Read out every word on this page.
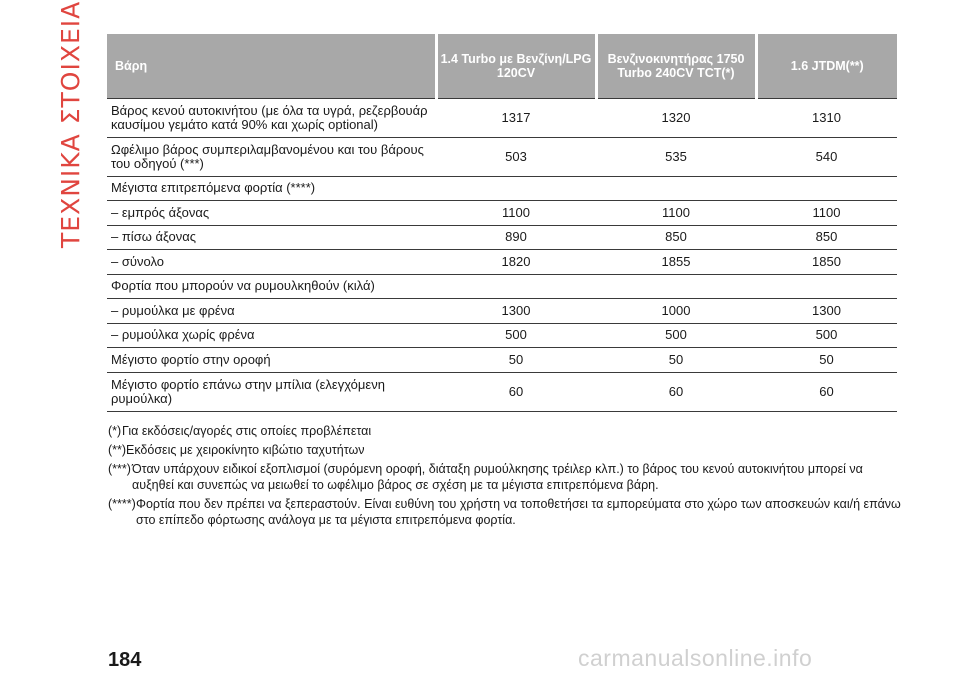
ΤΕΧΝΙΚΑ ΣΤΟΙΧΕΙΑ Βάρη	1.4 Turbo με Βενζίνη/LPG 120CV	Βενζινοκινητήρας 1750 Turbo 240CV TCT(*)	1.6 JTDM(**)
Βάρος κενού αυτοκινήτου (με όλα τα υγρά, ρεζερβουάρ καυσίμου γεμάτο κατά 90% και χωρίς optional)	1317	1320	1310
Ωφέλιμο βάρος συμπεριλαμβανομένου και του βάρους του οδηγού (***)	503	535	540
Μέγιστα επιτρεπόμενα φορτία (****)			
– εμπρός άξονας	1100	1100	1100
– πίσω άξονας	890	850	850
– σύνολο	1820	1855	1850
Φορτία που μπορούν να ρυμουλκηθούν (κιλά)			
– ρυμούλκα με φρένα	1300	1000	1300
– ρυμούλκα χωρίς φρένα	500	500	500
Μέγιστο φορτίο στην οροφή	50	50	50
Μέγιστο φορτίο επάνω στην μπίλια (ελεγχόμενη ρυμούλκα)	60	60	60
(*) Για εκδόσεις/αγορές στις οποίες προβλέπεται
(**) Εκδόσεις με χειροκίνητο κιβώτιο ταχυτήτων
(***) Όταν υπάρχουν ειδικοί εξοπλισμοί (συρόμενη οροφή, διάταξη ρυμούλκησης τρέιλερ κλπ.) το βάρος του κενού αυτοκινήτου μπορεί να αυξηθεί και συνεπώς να μειωθεί το ωφέλιμο βάρος σε σχέση με τα μέγιστα επιτρεπόμενα βάρη.
(****) Φορτία που δεν πρέπει να ξεπεραστούν. Είναι ευθύνη του χρήστη να τοποθετήσει τα εμπορεύματα στο χώρο των αποσκευών και/ή επάνω στο επίπεδο φόρτωσης ανάλογα με τα μέγιστα επιτρεπόμενα φορτία.
184	carmanualsonline.info
